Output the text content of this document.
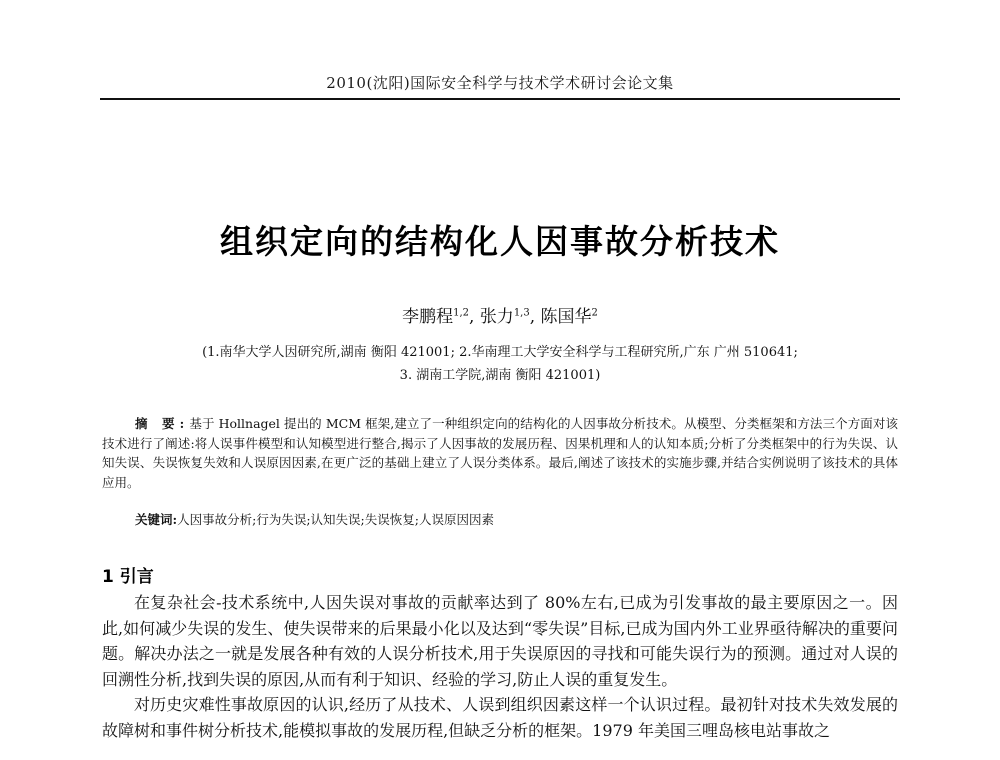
2010(沈阳)国际安全科学与技术学术研讨会论文集
组织定向的结构化人因事故分析技术
李鹏程$^{1,2}$, 张力$^{1,3}$, 陈国华$^2$
(1.南华大学人因研究所,湖南 衡阳 421001; 2.华南理工大学安全科学与工程研究所,广东 广州 510641;
3. 湖南工学院,湖南 衡阳 421001)
摘 要:基于 Hollnagel 提出的 MCM 框架,建立了一种组织定向的结构化的人因事故分析技术。从模型、分类框架和方法三个方面对该技术进行了阐述:将人误事件模型和认知模型进行整合,揭示了人因事故的发展历程、因果机理和人的认知本质;分析了分类框架中的行为失误、认知失误、失误恢复失效和人误原因因素,在更广泛的基础上建立了人误分类体系。最后,阐述了该技术的实施步骤,并结合实例说明了该技术的具体应用。
关键词:人因事故分析;行为失误;认知失误;失误恢复;人误原因因素
1 引言

在复杂社会-技术系统中,人因失误对事故的贡献率达到了 80%左右,已成为引发事故的最主要原因之一。因此,如何减少失误的发生、使失误带来的后果最小化以及达到“零失误”目标,已成为国内外工业界亟待解决的重要问题。解决办法之一就是发展各种有效的人误分析技术,用于失误原因的寻找和可能失误行为的预测。通过对人误的回溯性分析,找到失误的原因,从而有利于知识、经验的学习,防止人误的重复发生。

对历史灾难性事故原因的认识,经历了从技术、人误到组织因素这样一个认识过程。最初针对技术失效发展的故障树和事件树分析技术,能模拟事故的发展历程,但缺乏分析的框架。1979 年美国三哩岛核电站事故之
